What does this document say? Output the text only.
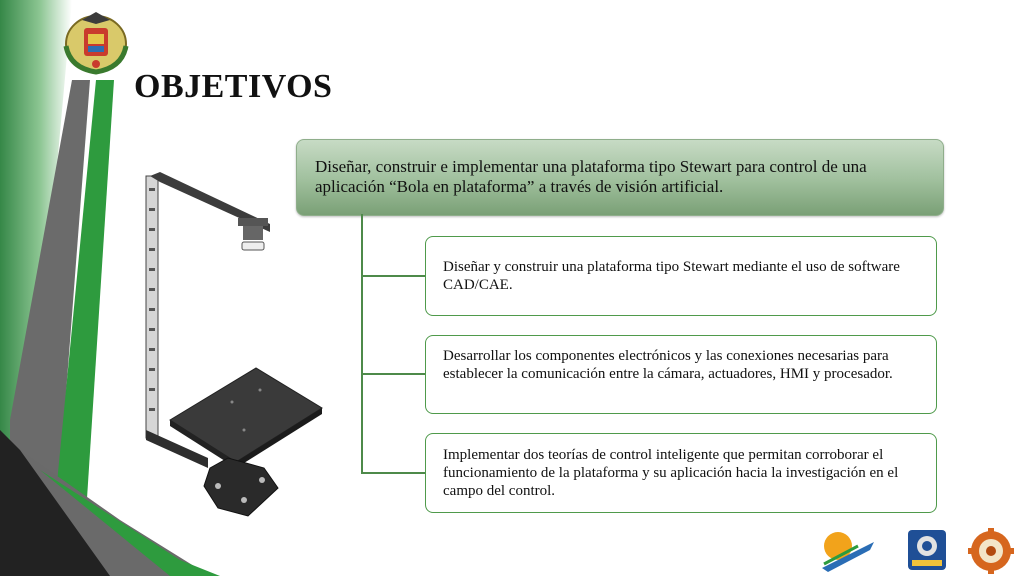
OBJETIVOS
Diseñar, construir e implementar una plataforma tipo Stewart para control de una aplicación “Bola en plataforma” a través de visión artificial.
Diseñar y construir una plataforma tipo Stewart mediante el uso de software CAD/CAE.
Desarrollar los componentes electrónicos y las conexiones necesarias para establecer la comunicación entre la cámara, actuadores, HMI y procesador.
Implementar dos teorías de control inteligente que permitan corroborar el funcionamiento de la plataforma y su aplicación hacia la investigación en el campo del control.
